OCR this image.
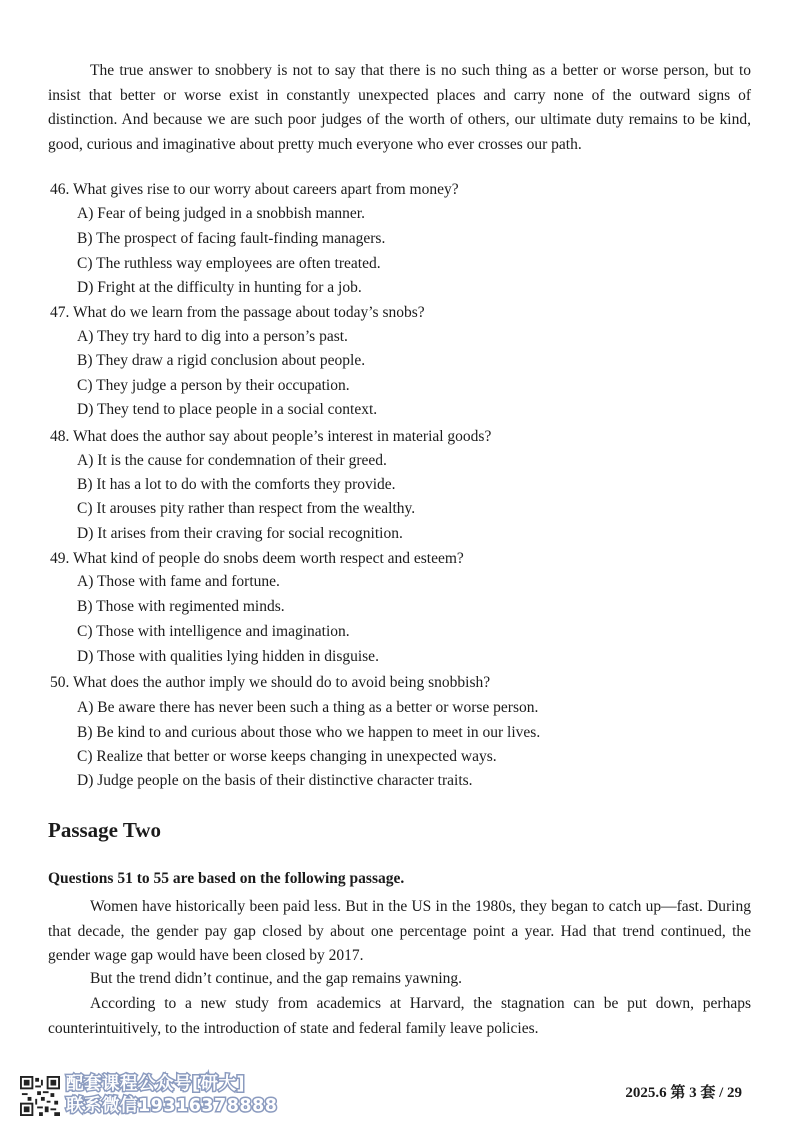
The true answer to snobbery is not to say that there is no such thing as a better or worse person, but to insist that better or worse exist in constantly unexpected places and carry none of the outward signs of distinction. And because we are such poor judges of the worth of others, our ultimate duty remains to be kind, good, curious and imaginative about pretty much everyone who ever crosses our path.

46. What gives rise to our worry about careers apart from money?
A) Fear of being judged in a snobbish manner.
B) The prospect of facing fault-finding managers.
C) The ruthless way employees are often treated.
D) Fright at the difficulty in hunting for a job.
47. What do we learn from the passage about today’s snobs?
A) They try hard to dig into a person’s past.
B) They draw a rigid conclusion about people.
C) They judge a person by their occupation.
D) They tend to place people in a social context.
48. What does the author say about people’s interest in material goods?
A) It is the cause for condemnation of their greed.
B) It has a lot to do with the comforts they provide.
C) It arouses pity rather than respect from the wealthy.
D) It arises from their craving for social recognition.
49. What kind of people do snobs deem worth respect and esteem?
A) Those with fame and fortune.
B) Those with regimented minds.
C) Those with intelligence and imagination.
D) Those with qualities lying hidden in disguise.
50. What does the author imply we should do to avoid being snobbish?
A) Be aware there has never been such a thing as a better or worse person.
B) Be kind to and curious about those who we happen to meet in our lives.
C) Realize that better or worse keeps changing in unexpected ways.
D) Judge people on the basis of their distinctive character traits.
Passage Two
Questions 51 to 55 are based on the following passage.

Women have historically been paid less. But in the US in the 1980s, they began to catch up—fast. During that decade, the gender pay gap closed by about one percentage point a year. Had that trend continued, the gender wage gap would have been closed by 2017.

But the trend didn’t continue, and the gap remains yawning.

According to a new study from academics at Harvard, the stagnation can be put down, perhaps counterintuitively, to the introduction of state and federal family leave policies.

配套课程公众号[研大]
联系微信19316378888
2025.6 第 3 套 / 29
